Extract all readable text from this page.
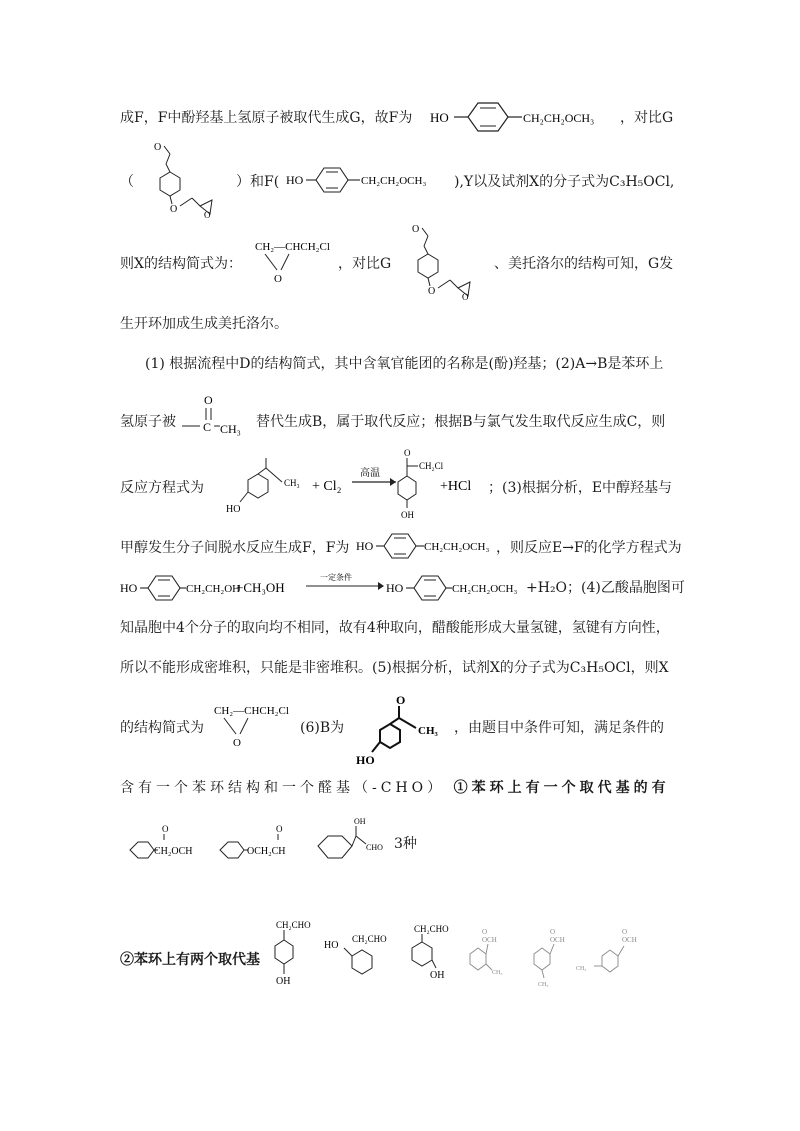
成F，F中酚羟基上氢原子被取代生成G，故F为 HO	CH₂CH₂OCH₃ ，对比G
（
O
O	O
）和F( HO	CH₂CH₂OCH₃ ),Y以及试剂X的分子式为C₃H₅OCl,
则X的结构简式为：
CH₂—CHCH₂Cl
O
，对比G
O
O	O
、美托洛尔的结构可知，G发
生开环加成生成美托洛尔。
(1) 根据流程中D的结构简式，其中含氧官能团的名称是(酚)羟基；(2)A→B是苯环上
氢原子被
O
C CH₃ 替代生成B，属于取代反应；根据B与氯气发生取代反应生成C，则
反应方程式为	CH₃
HO
+ Cl₂
高温
O
CH₂Cl
OH
+HCl ；(3)根据分析，E中醇羟基与
甲醇发生分子间脱水反应生成F，F为 HO	CH₂CH₂OCH₃ ，则反应E→F的化学方程式为
HO	CH₂CH₂OH
+CH₃OH
一定条件
HO	CH₂CH₂OCH₃ +H₂O；(4)乙酸晶胞图可
知晶胞中4个分子的取向均不相同，故有4种取向，醋酸能形成大量氢键，氢键有方向性，
所以不能形成密堆积，只能是非密堆积。(5)根据分析，试剂X的分子式为C₃H₅OCl，则X
的结构简式为
CH₂—CHCH₂Cl
O
(6)B为
O
CH₃
HO
，由题目中条件可知，满足条件的
含有一个苯环结构和一个醛基（-CHO） ①苯环上有一个取代基的有
O
CH₂OCH
O
OCH₂CH
OH
CHO 3种
②苯环上有两个取代基
CH₂CHO
OH
HO
CH₂CHO
CH₂CHO
OH
O
OCH
CH₃
O
OCH
CH₃
O
OCH
CH₃
